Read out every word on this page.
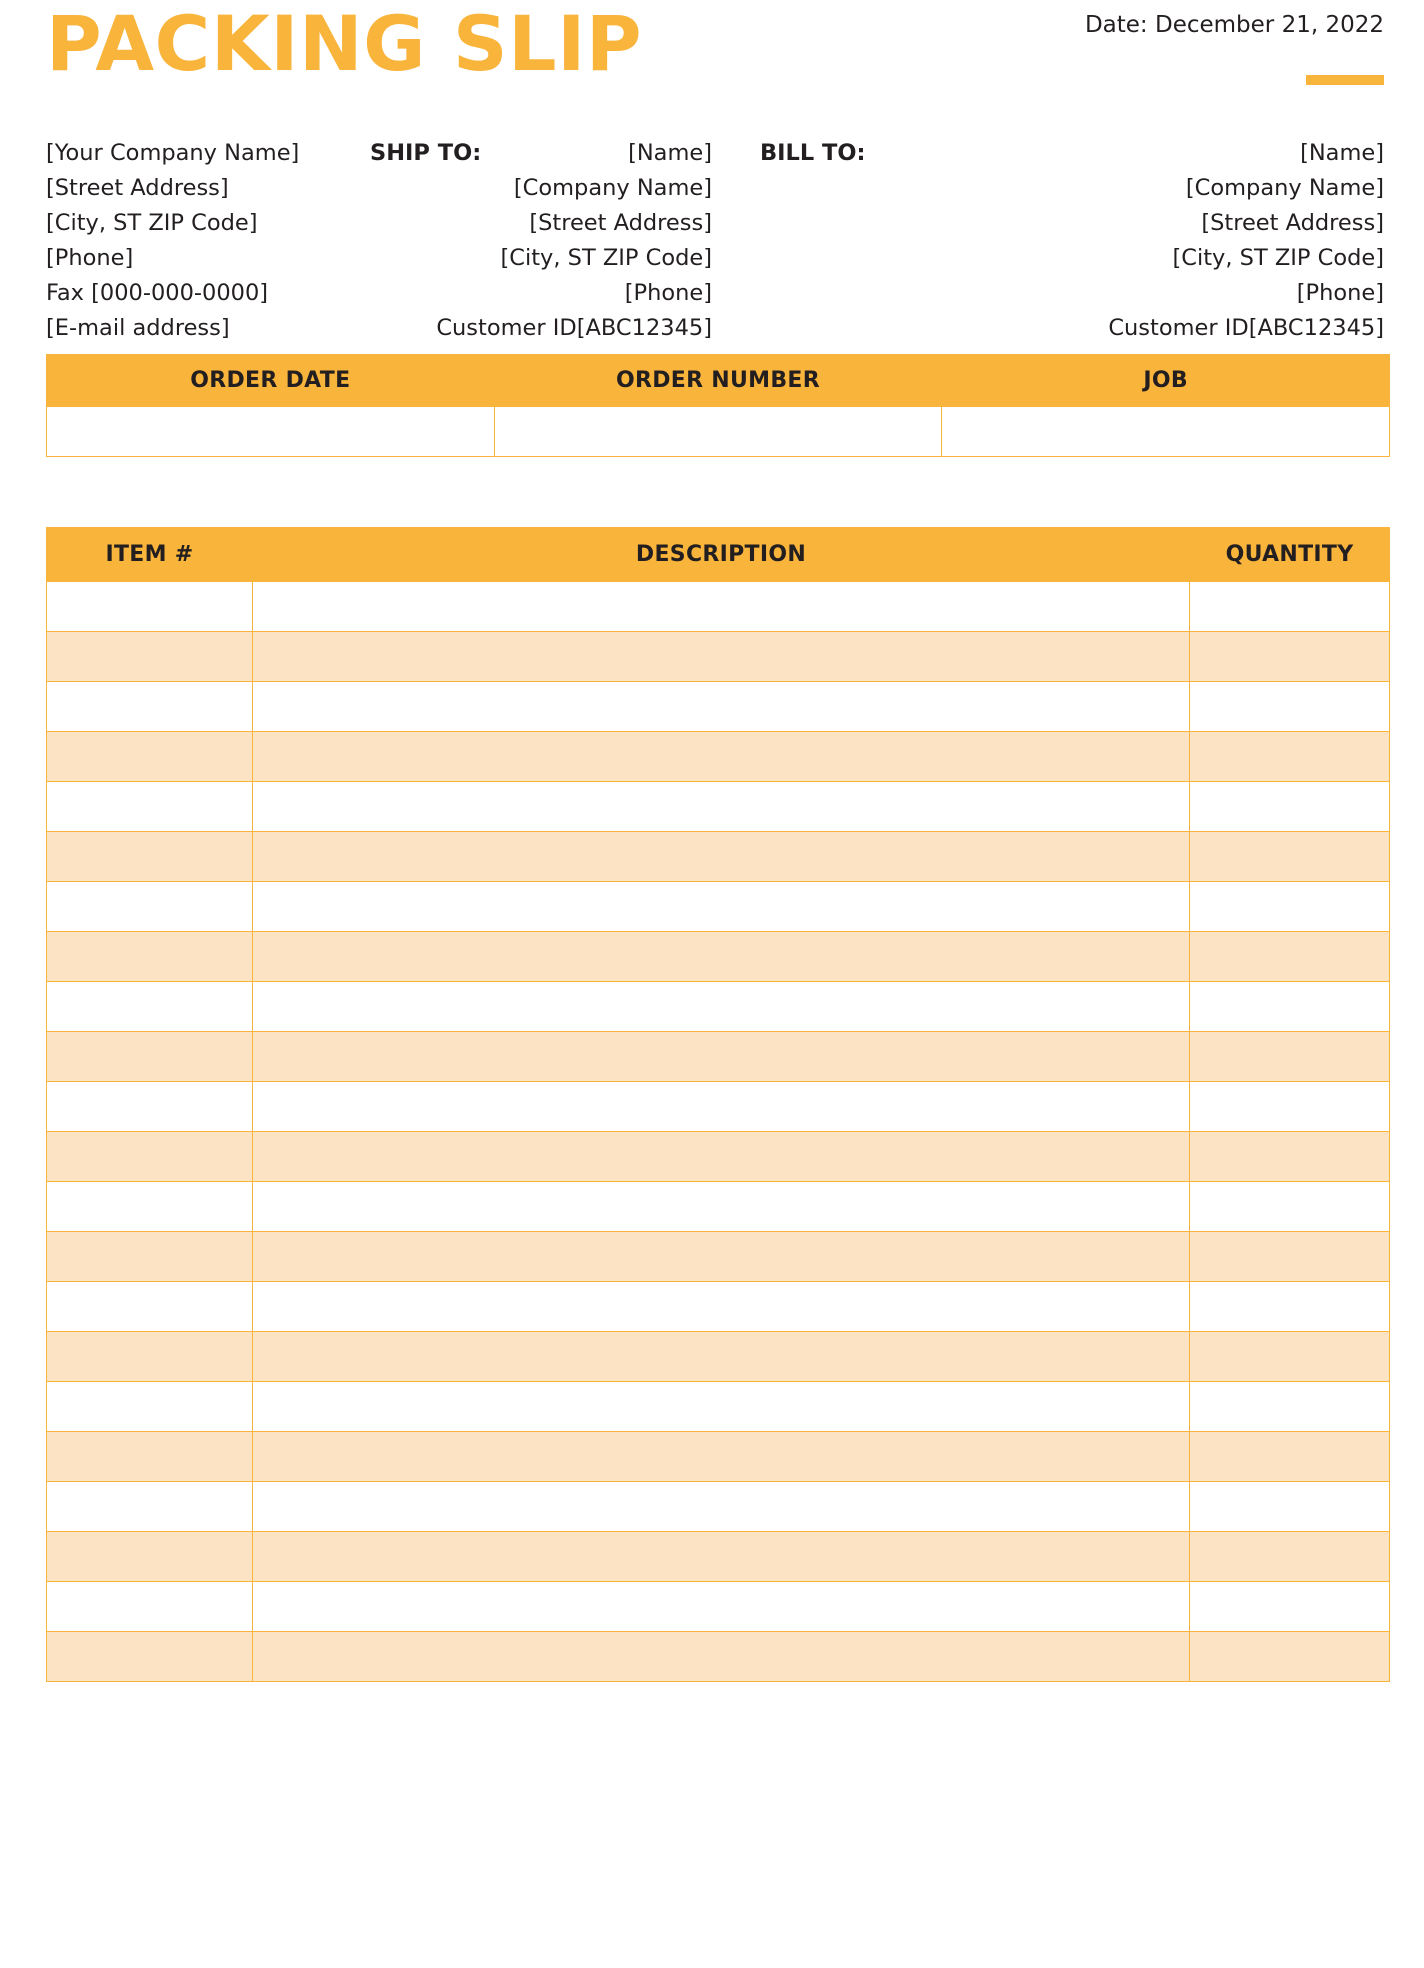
PACKING SLIP	Date: December 21, 2022
[Your Company Name]
[Street Address]
[City, ST ZIP Code]
[Phone]
Fax [000-000-0000]
[E-mail address]
SHIP TO:	[Name]
[Company Name]
[Street Address]
[City, ST ZIP Code]
[Phone]
Customer ID[ABC12345]
BILL TO:	[Name]
[Company Name]
[Street Address]
[City, ST ZIP Code]
[Phone]
Customer ID[ABC12345]
ORDER DATE	ORDER NUMBER	JOB

ITEM #	DESCRIPTION	QUANTITY
